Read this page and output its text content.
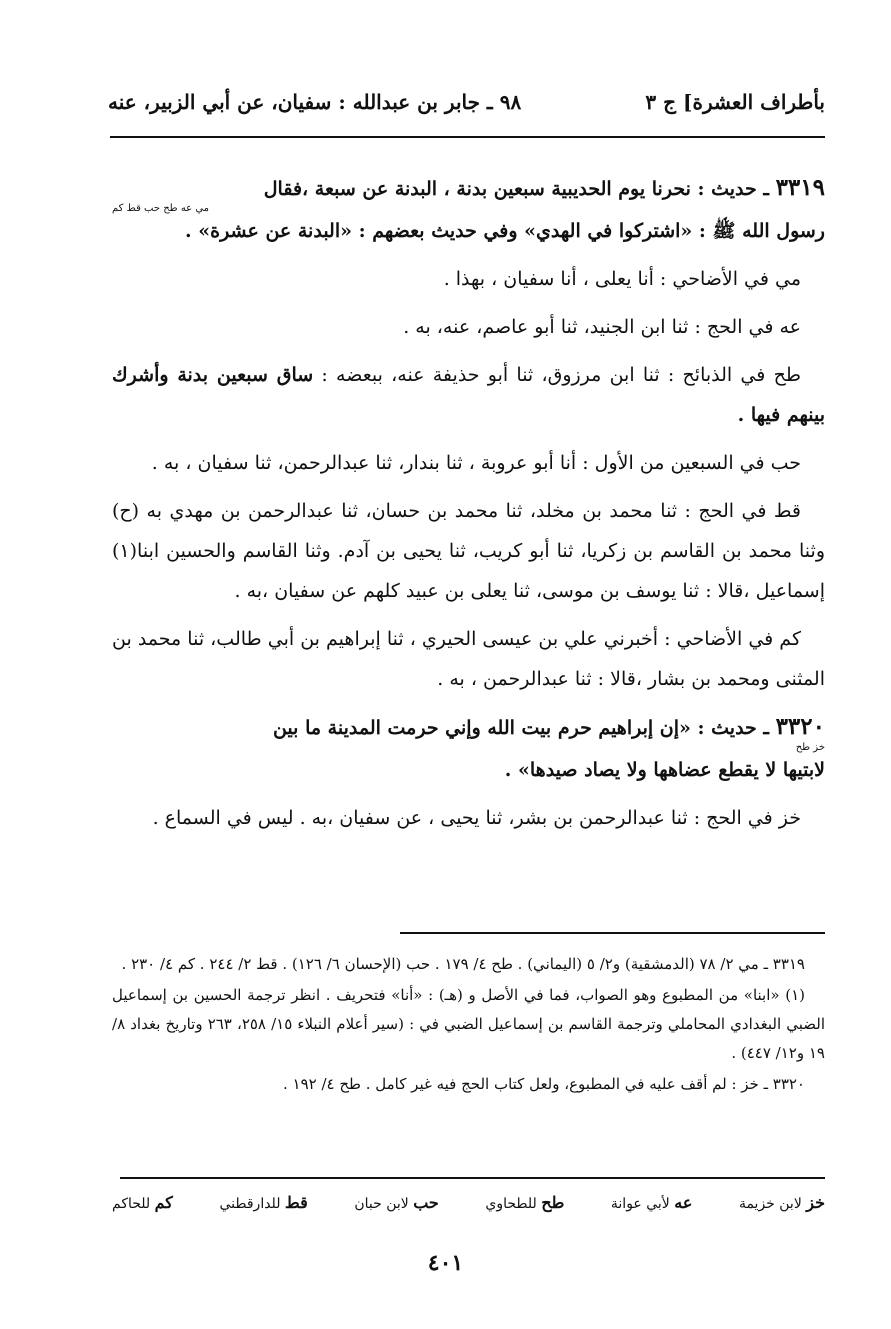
بأطراف العشرة] ج ٣
٩٨ ـ جابر بن عبدالله : سفيان، عن أبي الزبير، عنه

٣٣١٩ ـ حديث : نحرنا يوم الحديبية سبعين بدنة ، البدنة عن سبعة ،فقال

مي عه طح حب قط كم

رسول الله ﷺ : «اشتركوا في الهدي» وفي حديث بعضهم : «البدنة عن عشرة» .

مي في الأضاحي : أنا يعلى ، أنا سفيان ، بهذا .

عه في الحج : ثنا ابن الجنيد، ثنا أبو عاصم، عنه، به .

طح في الذبائح : ثنا ابن مرزوق، ثنا أبو حذيفة عنه، ببعضه : ساق سبعين بدنة وأشرك بينهم فيها .

حب في السبعين من الأول : أنا أبو عروبة ، ثنا بندار، ثنا عبدالرحمن، ثنا سفيان ، به .

قط في الحج : ثنا محمد بن مخلد، ثنا محمد بن حسان، ثنا عبدالرحمن بن مهدي به (ح) وثنا محمد بن القاسم بن زكريا، ثنا أبو كريب، ثنا يحيى بن آدم. وثنا القاسم والحسين ابنا(١) إسماعيل ،قالا : ثنا يوسف بن موسى، ثنا يعلى بن عبيد كلهم عن سفيان ،به .

كم في الأضاحي : أخبرني علي بن عيسى الحيري ، ثنا إبراهيم بن أبي طالب، ثنا محمد بن المثنى ومحمد بن بشار ،قالا : ثنا عبدالرحمن ، به .

٣٣٢٠ ـ حديث : «إن إبراهيم حرم بيت الله وإني حرمت المدينة ما بين

خز طح

لابتيها لا يقطع عضاهها ولا يصاد صيدها» .

خز في الحج : ثنا عبدالرحمن بن بشر، ثنا يحيى ، عن سفيان ،به . ليس في السماع .

٣٣١٩ ـ مي ٢/ ٧٨ (الدمشقية) و٢/ ٥ (اليماني) . طح ٤/ ١٧٩ . حب (الإحسان ٦/ ١٢٦) . قط ٢/ ٢٤٤ . كم ٤/ ٢٣٠ .

(١) «ابنا» من المطبوع وهو الصواب، فما في الأصل و (هـ) : «أنا» فتحريف . انظر ترجمة الحسين بن إسماعيل الضبي البغدادي المحاملي وترجمة القاسم بن إسماعيل الضبي في : (سير أعلام النبلاء ١٥/ ٢٥٨، ٢٦٣ وتاريخ بغداد ٨/ ١٩ و١٢/ ٤٤٧) .

٣٣٢٠ ـ خز : لم أقف عليه في المطبوع، ولعل كتاب الحج فيه غير كامل . طح ٤/ ١٩٢ .

خز لابن خزيمة
عه لأبي عوانة
طح للطحاوي
حب لابن حبان
قط للدارقطني
كم للحاكم
٤٠١
